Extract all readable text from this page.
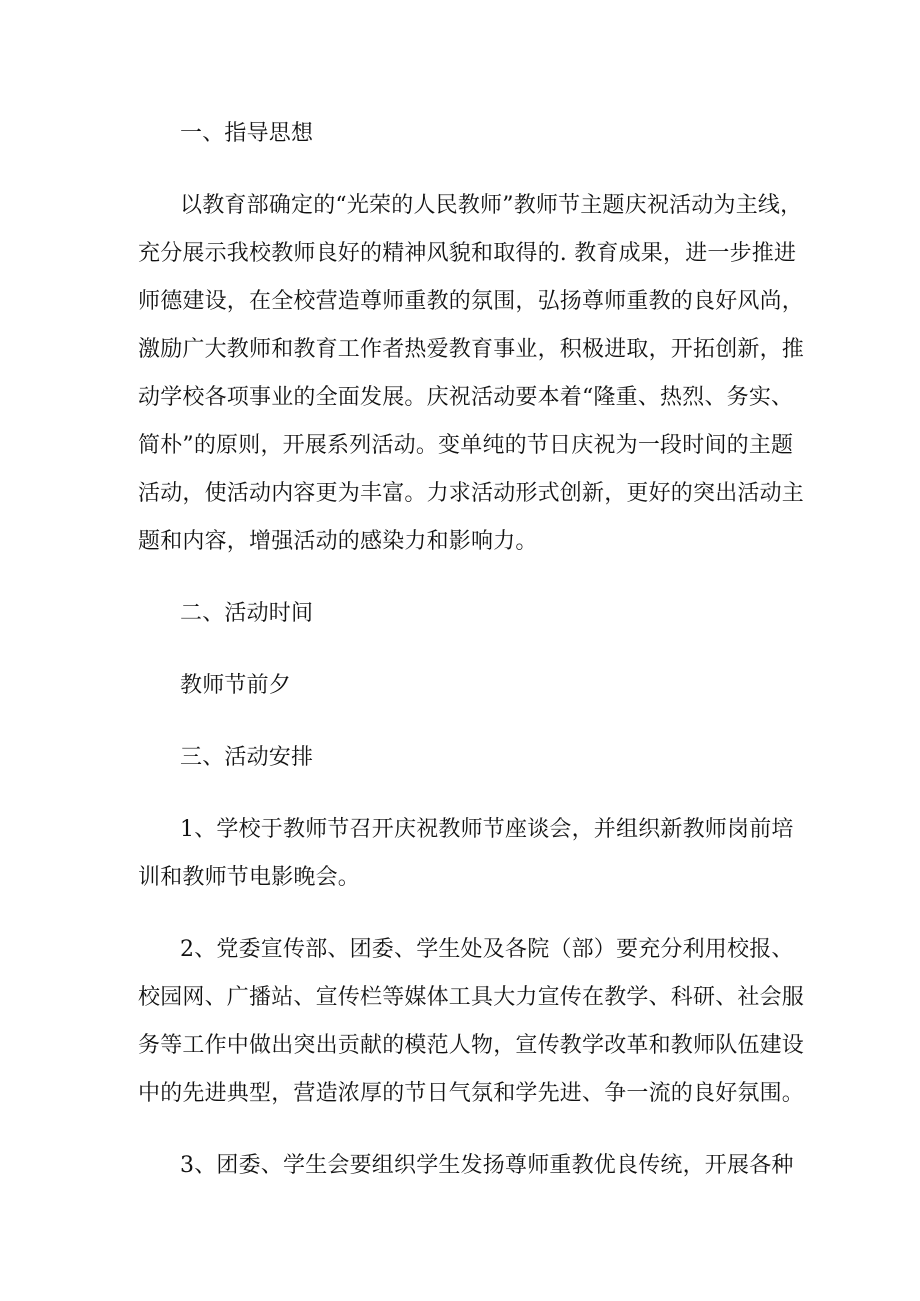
一、指导思想
以教育部确定的“光荣的人民教师”教师节主题庆祝活动为主线，
充分展示我校教师良好的精神风貌和取得的. 教育成果，进一步推进
师德建设，在全校营造尊师重教的氛围，弘扬尊师重教的良好风尚，
激励广大教师和教育工作者热爱教育事业，积极进取，开拓创新，推
动学校各项事业的全面发展。庆祝活动要本着“隆重、热烈、务实、
简朴”的原则，开展系列活动。变单纯的节日庆祝为一段时间的主题
活动，使活动内容更为丰富。力求活动形式创新，更好的突出活动主
题和内容，增强活动的感染力和影响力。
二、活动时间
教师节前夕
三、活动安排
1、学校于教师节召开庆祝教师节座谈会，并组织新教师岗前培
训和教师节电影晚会。
2、党委宣传部、团委、学生处及各院（部）要充分利用校报、
校园网、广播站、宣传栏等媒体工具大力宣传在教学、科研、社会服
务等工作中做出突出贡献的模范人物，宣传教学改革和教师队伍建设
中的先进典型，营造浓厚的节日气氛和学先进、争一流的良好氛围。
3、团委、学生会要组织学生发扬尊师重教优良传统，开展各种
